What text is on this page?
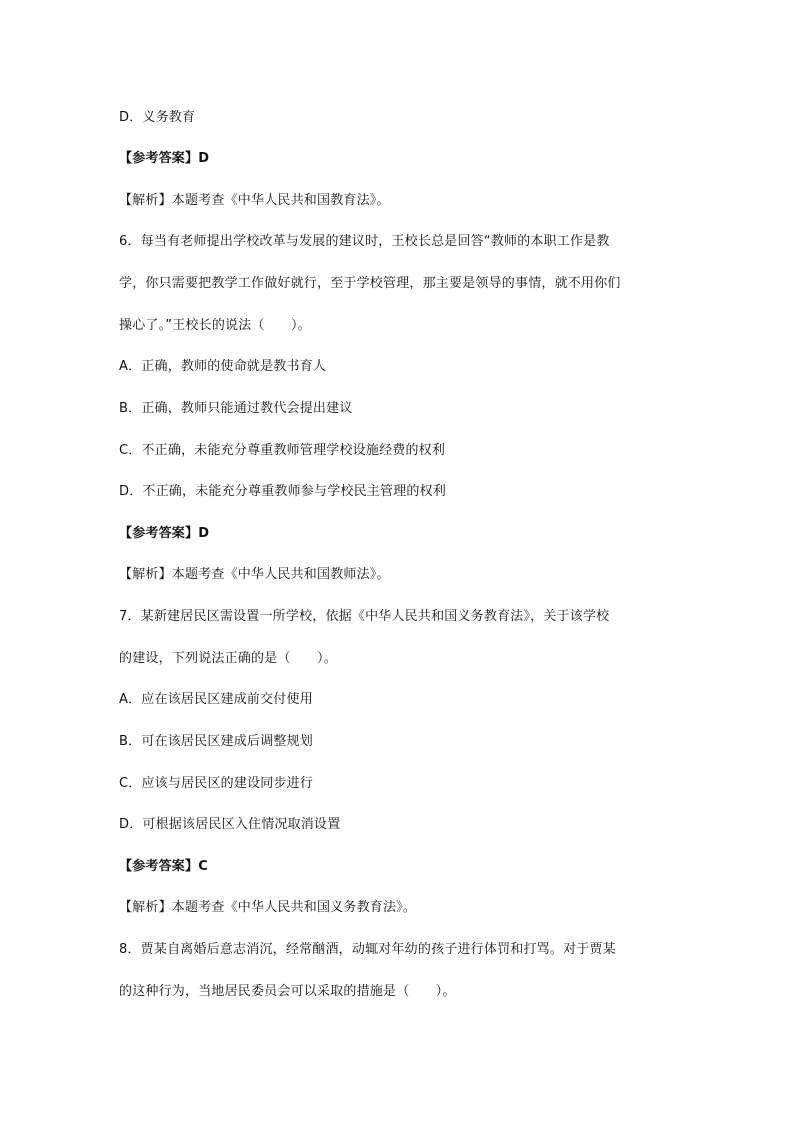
D．义务教育
【参考答案】D
【解析】本题考查《中华人民共和国教育法》。
6．每当有老师提出学校改革与发展的建议时，王校长总是回答“教师的本职工作是教
学，你只需要把教学工作做好就行，至于学校管理，那主要是领导的事情，就不用你们
操心了。”王校长的说法（　　）。
A．正确，教师的使命就是教书育人
B．正确，教师只能通过教代会提出建议
C．不正确，未能充分尊重教师管理学校设施经费的权利
D．不正确，未能充分尊重教师参与学校民主管理的权利
【参考答案】D
【解析】本题考查《中华人民共和国教师法》。
7．某新建居民区需设置一所学校，依据《中华人民共和国义务教育法》，关于该学校
的建设，下列说法正确的是（　　）。
A．应在该居民区建成前交付使用
B．可在该居民区建成后调整规划
C．应该与居民区的建设同步进行
D．可根据该居民区入住情况取消设置
【参考答案】C
【解析】本题考查《中华人民共和国义务教育法》。
8．贾某自离婚后意志消沉，经常酗酒，动辄对年幼的孩子进行体罚和打骂。对于贾某
的这种行为，当地居民委员会可以采取的措施是（　　）。
